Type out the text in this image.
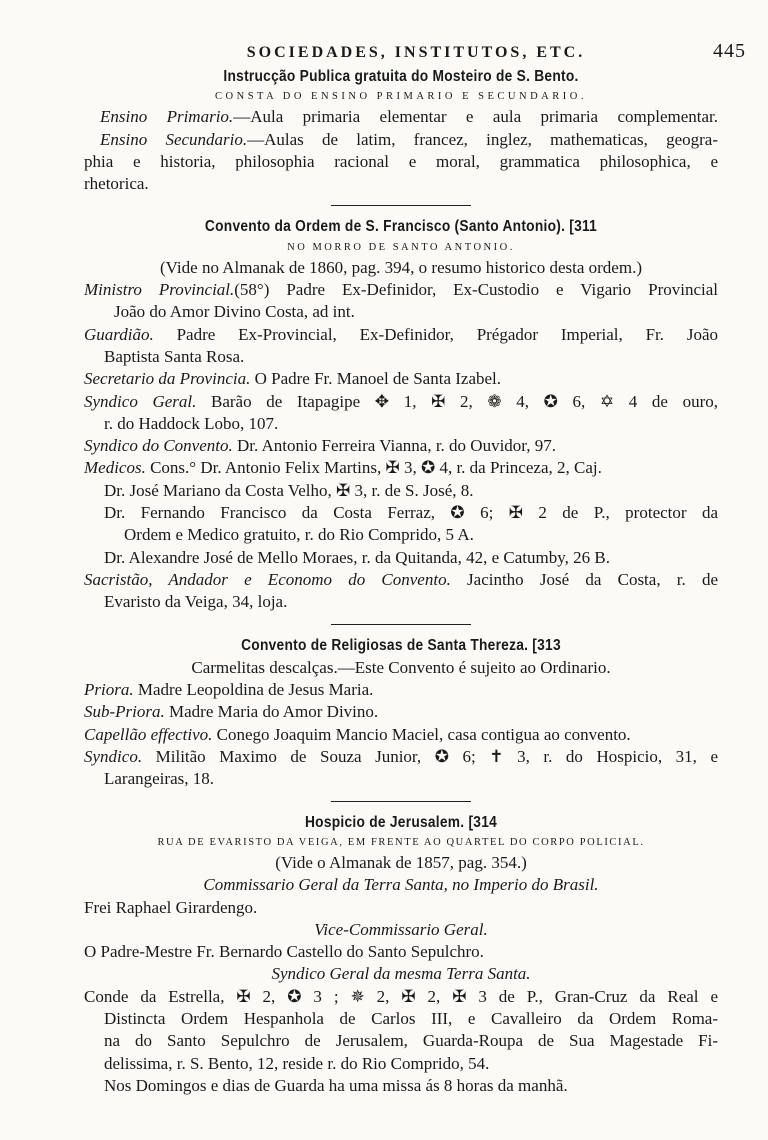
SOCIEDADES, INSTITUTOS, ETC.	445
Instrucção Publica gratuita do Mosteiro de S. Bento.
CONSTA DO ENSINO PRIMARIO E SECUNDARIO.
Ensino Primario.—Aula primaria elementar e aula primaria complementar.
Ensino Secundario.—Aulas de latim, francez, inglez, mathematicas, geogra-
phia e historia, philosophia racional e moral, grammatica philosophica, e
rhetorica.
Convento da Ordem de S. Francisco (Santo Antonio). [311
NO MORRO DE SANTO ANTONIO.
(Vide no Almanak de 1860, pag. 394, o resumo historico desta ordem.)
Ministro Provincial.(58°) Padre Ex-Definidor, Ex-Custodio e Vigario Provincial
João do Amor Divino Costa, ad int.
Guardião. Padre Ex-Provincial, Ex-Definidor, Prégador Imperial, Fr. João
Baptista Santa Rosa.
Secretario da Provincia. O Padre Fr. Manoel de Santa Izabel.
Syndico Geral. Barão de Itapagipe ✥ 1, ✠ 2, ❁ 4, ✪ 6, ✡ 4 de ouro,
r. do Haddock Lobo, 107.
Syndico do Convento. Dr. Antonio Ferreira Vianna, r. do Ouvidor, 97.
Medicos. Cons.° Dr. Antonio Felix Martins, ✠ 3, ✪ 4, r. da Princeza, 2, Caj.
Dr. José Mariano da Costa Velho, ✠ 3, r. de S. José, 8.
Dr. Fernando Francisco da Costa Ferraz, ✪ 6; ✠ 2 de P., protector da
Ordem e Medico gratuito, r. do Rio Comprido, 5 A.
Dr. Alexandre José de Mello Moraes, r. da Quitanda, 42, e Catumby, 26 B.
Sacristão, Andador e Economo do Convento. Jacintho José da Costa, r. de
Evaristo da Veiga, 34, loja.
Convento de Religiosas de Santa Thereza. [313
Carmelitas descalças.—Este Convento é sujeito ao Ordinario.
Priora. Madre Leopoldina de Jesus Maria.
Sub-Priora. Madre Maria do Amor Divino.
Capellão effectivo. Conego Joaquim Mancio Maciel, casa contigua ao convento.
Syndico. Militão Maximo de Souza Junior, ✪ 6; ✝ 3, r. do Hospicio, 31, e
Larangeiras, 18.
Hospicio de Jerusalem. [314
RUA DE EVARISTO DA VEIGA, EM FRENTE AO QUARTEL DO CORPO POLICIAL.
(Vide o Almanak de 1857, pag. 354.)
Commissario Geral da Terra Santa, no Imperio do Brasil.
Frei Raphael Girardengo.
Vice-Commissario Geral.
O Padre-Mestre Fr. Bernardo Castello do Santo Sepulchro.
Syndico Geral da mesma Terra Santa.
Conde da Estrella, ✠ 2, ✪ 3 ; ✵ 2, ✠ 2, ✠ 3 de P., Gran-Cruz da Real e
Distincta Ordem Hespanhola de Carlos III, e Cavalleiro da Ordem Roma-
na do Santo Sepulchro de Jerusalem, Guarda-Roupa de Sua Magestade Fi-
delissima, r. S. Bento, 12, reside r. do Rio Comprido, 54.
Nos Domingos e dias de Guarda ha uma missa ás 8 horas da manhã.
